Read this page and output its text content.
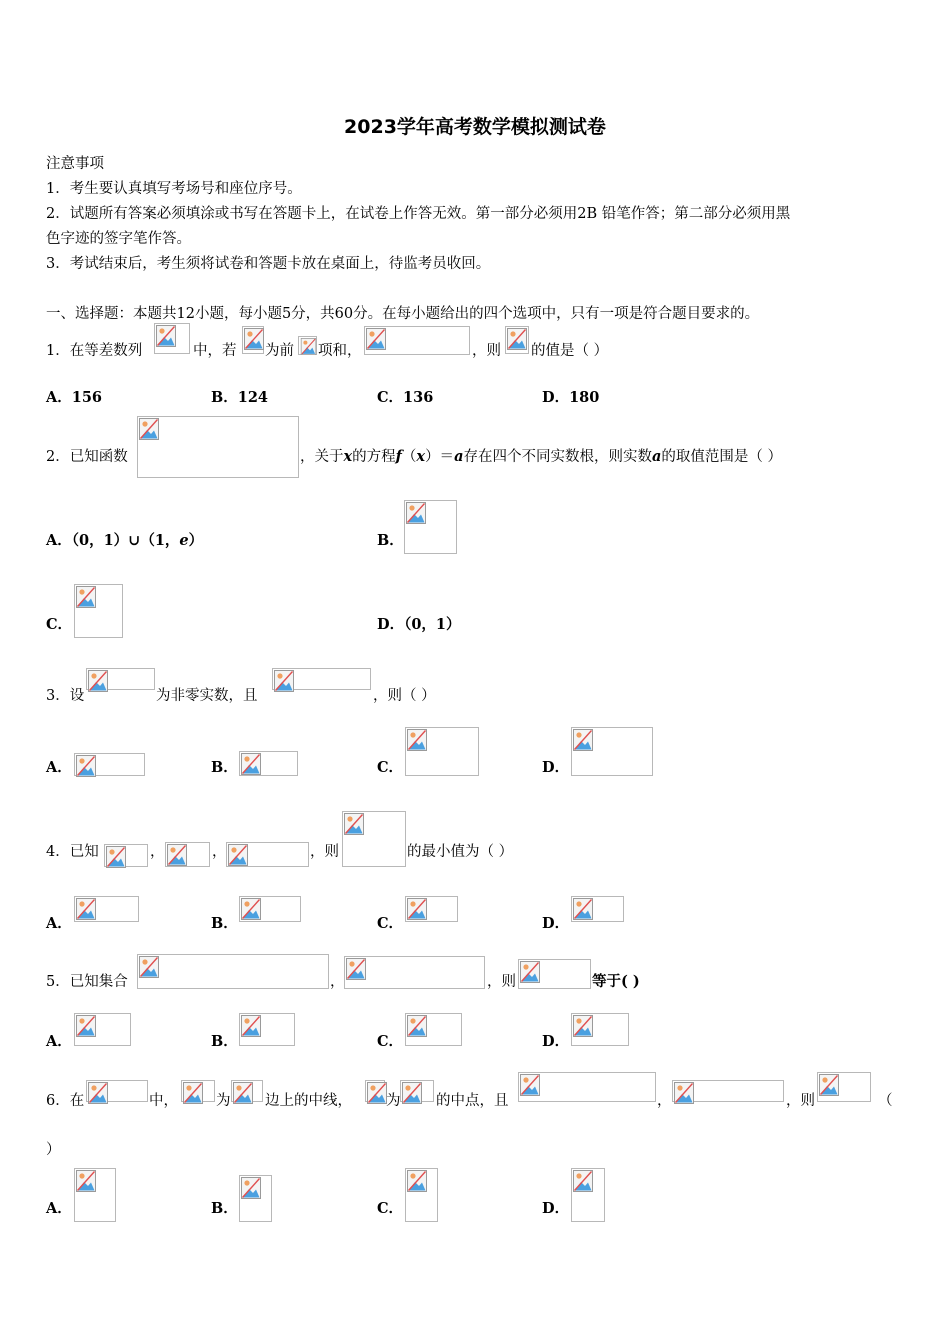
2023学年高考数学模拟测试卷
注意事项
1．考生要认真填写考场号和座位序号。
2．试题所有答案必须填涂或书写在答题卡上，在试卷上作答无效。第一部分必须用2B 铅笔作答；第二部分必须用黑
色字迹的签字笔作答。
3．考试结束后，考生须将试卷和答题卡放在桌面上，待监考员收回。
一、选择题：本题共12小题，每小题5分，共60分。在每小题给出的四个选项中，只有一项是符合题目要求的。
1．在等差数列	中，若 为前 项和，	，则 的值是（ ）
A．156	B．124	C．136	D．180
2．已知函数	，关于x的方程f（x）＝a存在四个不同实数根，则实数a的取值范围是（ ）
A．（0，1）∪（1，e）	B．
C．	D．（0，1）
3．设	为非零实数，且	，则（ ）
A．	B．	C．	D．
4．已知	，	，	，则	的最小值为（ ）
A．	B．	C．	D．
5．已知集合	，	，则	等于( )
A．	B．	C．	D．
6．在	中，	为 边上的中线， 为 的中点，且	，	，则	（
）
A．	B．	C．	D．
